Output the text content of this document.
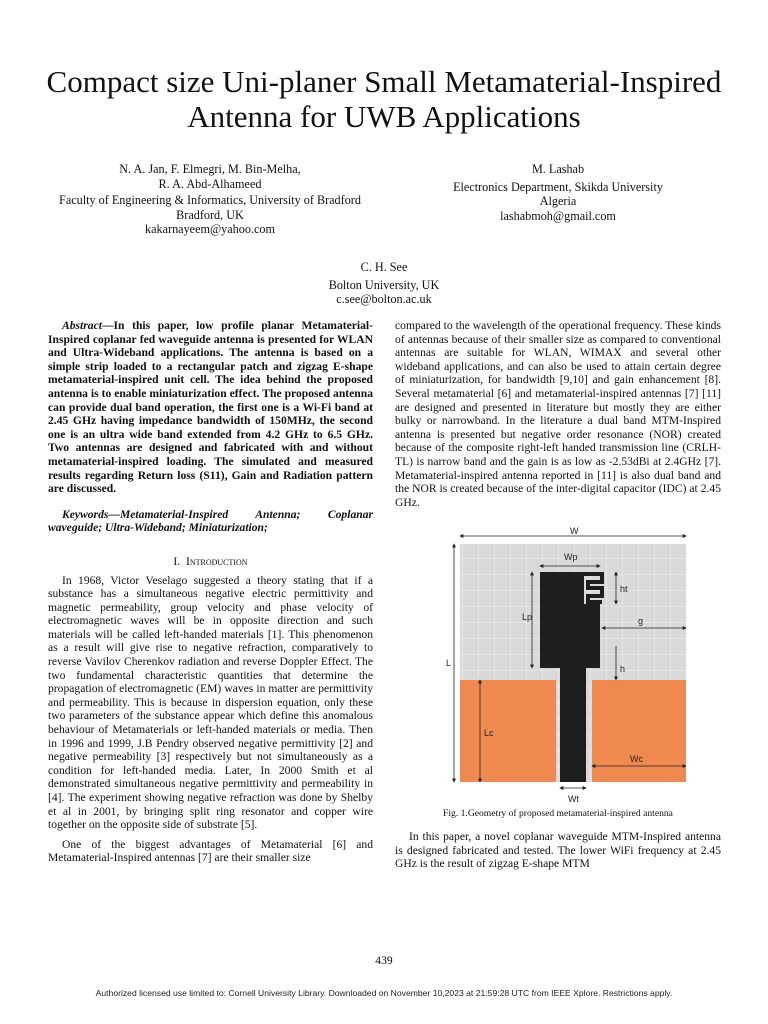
Compact size Uni-planer Small Metamaterial-Inspired Antenna for UWB Applications
N. A. Jan, F. Elmegri, M. Bin-Melha,
R. A. Abd-Alhameed
Faculty of Engineering & Informatics, University of Bradford
Bradford, UK
kakarnayeem@yahoo.com
M. Lashab
Electronics Department, Skikda University
Algeria
lashabmoh@gmail.com
C. H. See
Bolton University, UK
c.see@bolton.ac.uk

Abstract—In this paper, low profile planar Metamaterial-Inspired coplanar fed waveguide antenna is presented for WLAN and Ultra-Wideband applications. The antenna is based on a simple strip loaded to a rectangular patch and zigzag E-shape metamaterial-inspired unit cell. The idea behind the proposed antenna is to enable miniaturization effect. The proposed antenna can provide dual band operation, the first one is a Wi-Fi band at 2.45 GHz having impedance bandwidth of 150MHz, the second one is an ultra wide band extended from 4.2 GHz to 6.5 GHz. Two antennas are designed and fabricated with and without metamaterial-inspired loading. The simulated and measured results regarding Return loss (S11), Gain and Radiation pattern are discussed.

Keywords—Metamaterial-Inspired Antenna; Coplanar waveguide; Ultra-Wideband; Miniaturization;

I. Introduction

In 1968, Victor Veselago suggested a theory stating that if a substance has a simultaneous negative electric permittivity and magnetic permeability, group velocity and phase velocity of electromagnetic waves will be in opposite direction and such materials will be called left-handed materials [1]. This phenomenon as a result will give rise to negative refraction, comparatively to reverse Vavilov Cherenkov radiation and reverse Doppler Effect. The two fundamental characteristic quantities that determine the propagation of electromagnetic (EM) waves in matter are permittivity and permeability. This is because in dispersion equation, only these two parameters of the substance appear which define this anomalous behaviour of Metamaterials or left-handed materials or media. Then in 1996 and 1999, J.B Pendry observed negative permittivity [2] and negative permeability [3] respectively but not simultaneously as a condition for left-handed media. Later, In 2000 Smith et al demonstrated simultaneous negative permittivity and permeability in [4]. The experiment showing negative refraction was done by Shelby et al in 2001, by bringing split ring resonator and copper wire together on the opposite side of substrate [5].

One of the biggest advantages of Metamaterial [6] and Metamaterial-Inspired antennas [7] are their smaller size

compared to the wavelength of the operational frequency. These kinds of antennas because of their smaller size as compared to conventional antennas are suitable for WLAN, WIMAX and several other wideband applications, and can also be used to attain certain degree of miniaturization, for bandwidth [9,10] and gain enhancement [8]. Several metamaterial [6] and metamaterial-inspired antennas [7] [11] are designed and presented in literature but mostly they are either bulky or narrowband. In the literature a dual band MTM-Inspired antenna is presented but negative order resonance (NOR) created because of the composite right-left handed transmission line (CRLH-TL) is narrow band and the gain is as low as -2.53dBi at 2.4GHz [7]. Metamaterial-inspired antenna reported in [11] is also dual band and the NOR is created because of the inter-digital capacitor (IDC) at 2.45 GHz.

W
Wp
ht
Lp	g
L
h
Lc
Wc
Wt
Fig. 1.Geometry of proposed metamaterial-inspired antenna

In this paper, a novel coplanar waveguide MTM-Inspired antenna is designed fabricated and tested. The lower WiFi frequency at 2.45 GHz is the result of zigzag E-shape MTM

439
Authorized licensed use limited to: Cornell University Library. Downloaded on November 10,2023 at 21:59:28 UTC from IEEE Xplore. Restrictions apply.
